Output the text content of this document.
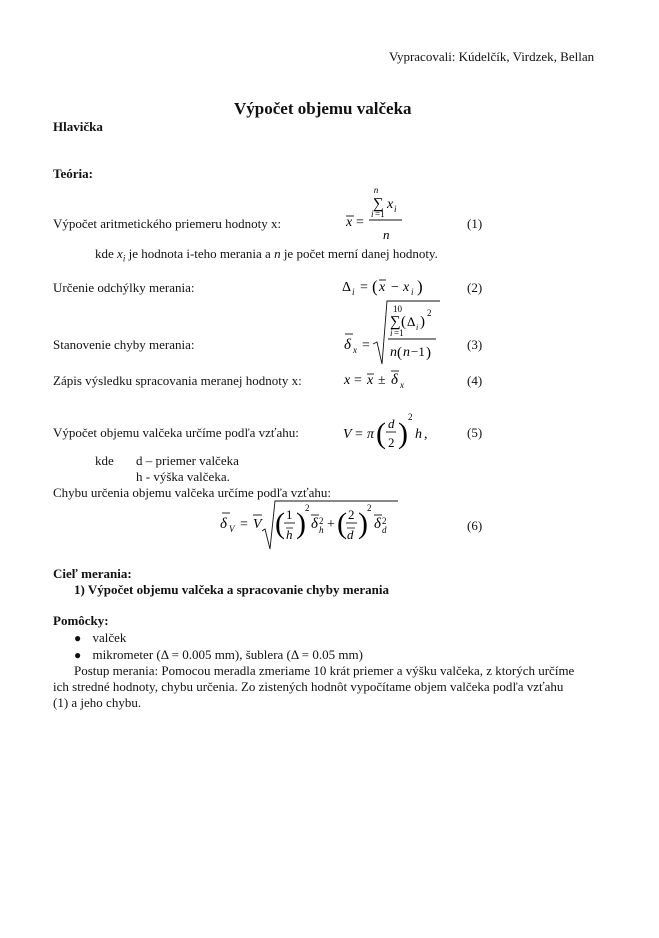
Vypracovali: Kúdelčík, Virdzek, Bellan
Výpočet objemu valčeka
Hlavička
Teória:
Výpočet aritmetického priemeru hodnoty x:
n
∑ x i
i =1
n
x =	(1)
kde $x_i$ je hodnota i-teho merania a n je počet merní danej hodnoty.
Určenie odchýlky merania:	Δ i = ( x − x i )	(2)
Stanovenie chyby merania:	δ x =
10
∑ ( Δ i )
2
i =1
n ( n −1 )
(3)
Zápis výsledku spracovania meranej hodnoty x:	x = x ± δ x	(4)
Výpočet objemu valčeka určíme podľa vzťahu:	V = π ( d
2 ) 2
h ,	(5)
kde d – priemer valčeka
h - výška valčeka.
Chybu určenia objemu valčeka určíme podľa vzťahu:
δ V = V ( 1
h ) 2
δ 2
h + ( 2
d ) 2
δ 2
d	(6)
Cieľ merania:
1) Výpočet objemu valčeka a spracovanie chyby merania
Pomôcky:
● valček
● mikrometer (Δ = 0.005 mm), šublera (Δ = 0.05 mm)
Postup merania: Pomocou meradla zmeriame 10 krát priemer a výšku valčeka, z ktorých určíme
ich stredné hodnoty, chybu určenia. Zo zistených hodnôt vypočítame objem valčeka podľa vzťahu
(1) a jeho chybu.
